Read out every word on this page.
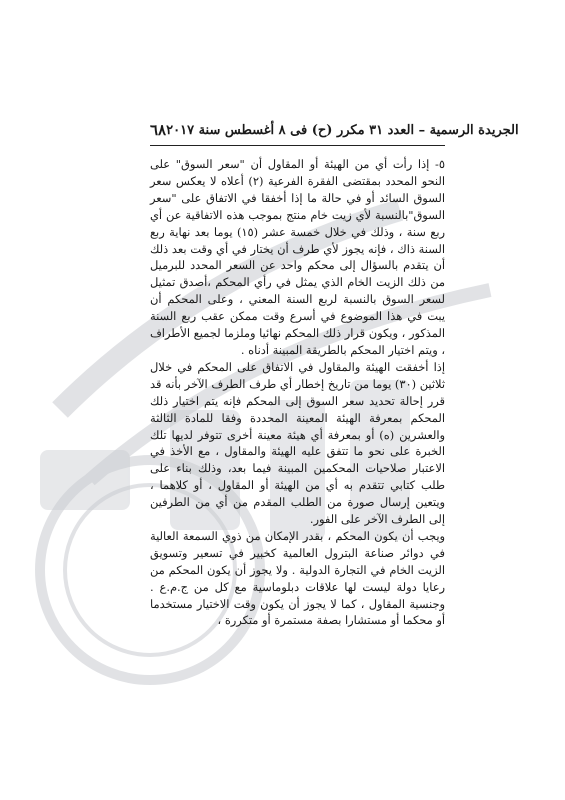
٦٨ الجريدة الرسمية – العدد ٣١ مكرر (ح) فى ٨ أغسطس سنة ٢٠١٧

٥- إذا رأت أي من الهيئة أو المقاول أن "سعر السوق" على النحو المحدد بمقتضى الفقرة الفرعية (٢) أعلاه لا يعكس سعر السوق السائد أو في حالة ما إذا أخفقا في الاتفاق على "سعر السوق"بالنسبة لأي زيت خام منتج بموجب هذه الاتفاقية عن أي ربع سنة ، وذلك في خلال خمسة عشر (١٥) يوما بعد نهاية ربع السنة ذاك ، فإنه يجوز لأي طرف أن يختار في أي وقت بعد ذلك أن يتقدم بالسؤال إلى محكم واحد عن السعر المحدد للبرميل من ذلك الزيت الخام الذي يمثل في رأي المحكم ،أصدق تمثيل لسعر السوق بالنسبة لربع السنة المعني ، وعلى المحكم أن يبت في هذا الموضوع في أسرع وقت ممكن عقب ربع السنة المذكور ، ويكون قرار ذلك المحكم نهائيا وملزما لجميع الأطراف ، ويتم اختيار المحكم بالطريقة المبينة أدناه .

إذا أخفقت الهيئة والمقاول في الاتفاق على المحكم في خلال ثلاثين (٣٠) يوما من تاريخ إخطار أي طرف الطرف الآخر بأنه قد قرر إحالة تحديد سعر السوق إلى المحكم فإنه يتم اختيار ذلك المحكم بمعرفة الهيئة المعينة المحددة وفقا للمادة الثالثة والعشرين (ه) أو بمعرفة أي هيئة معينة أخرى تتوفر لديها تلك الخبرة على نحو ما تتفق عليه الهيئة والمقاول ، مع الأخذ في الاعتبار صلاحيات المحكمين المبينة فيما بعد، وذلك بناء على طلب كتابي تتقدم به أي من الهيئة أو المقاول ، أو كلاهما ، ويتعين إرسال صورة من الطلب المقدم من أي من الطرفين إلى الطرف الآخر على الفور.

ويجب أن يكون المحكم ، بقدر الإمكان من ذوي السمعة العالية في دوائر صناعة البترول العالمية كخبير في تسعير وتسويق الزيت الخام في التجارة الدولية . ولا يجوز أن يكون المحكم من رعايا دولة ليست لها علاقات دبلوماسية مع كل من ج.م.ع . وجنسية المقاول ، كما لا يجوز أن يكون وقت الاختيار مستخدما أو محكما أو مستشارا بصفة مستمرة أو متكررة ،
